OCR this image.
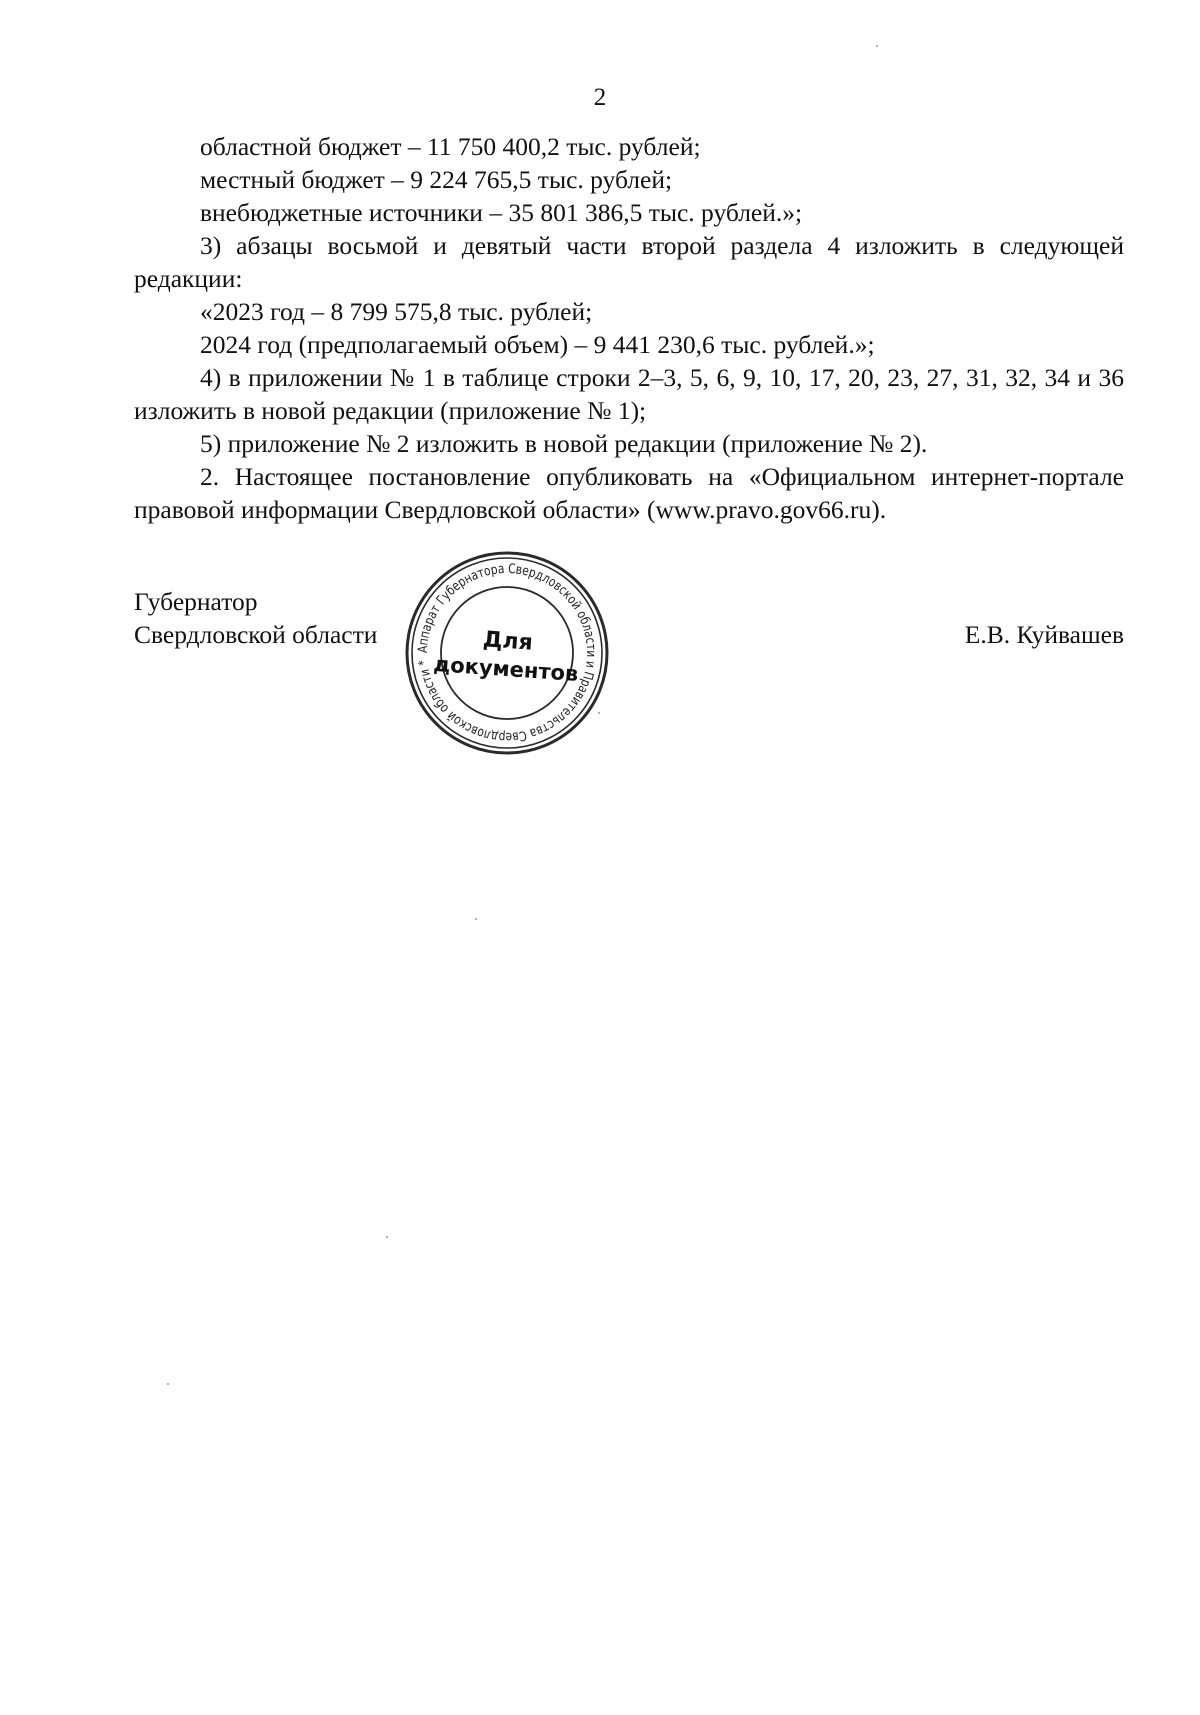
2

областной бюджет – 11 750 400,2 тыс. рублей;

местный бюджет – 9 224 765,5 тыс. рублей;

внебюджетные источники – 35 801 386,5 тыс. рублей.»;

3) абзацы восьмой и девятый части второй раздела 4 изложить в следующей редакции:

«2023 год – 8 799 575,8 тыс. рублей;

2024 год (предполагаемый объем) – 9 441 230,6 тыс. рублей.»;

4) в приложении № 1 в таблице строки 2–3, 5, 6, 9, 10, 17, 20, 23, 27, 31, 32, 34 и 36 изложить в новой редакции (приложение № 1);

5) приложение № 2 изложить в новой редакции (приложение № 2).

2. Настоящее постановление опубликовать на «Официальном интернет-портале правовой информации Свердловской области» (www.pravo.gov66.ru).

Губернатор
Свердловской области	Е.В. Куйвашев
Аппарат Губернатора Свердловской области и Правительства Свердловской области *
Для
документов
